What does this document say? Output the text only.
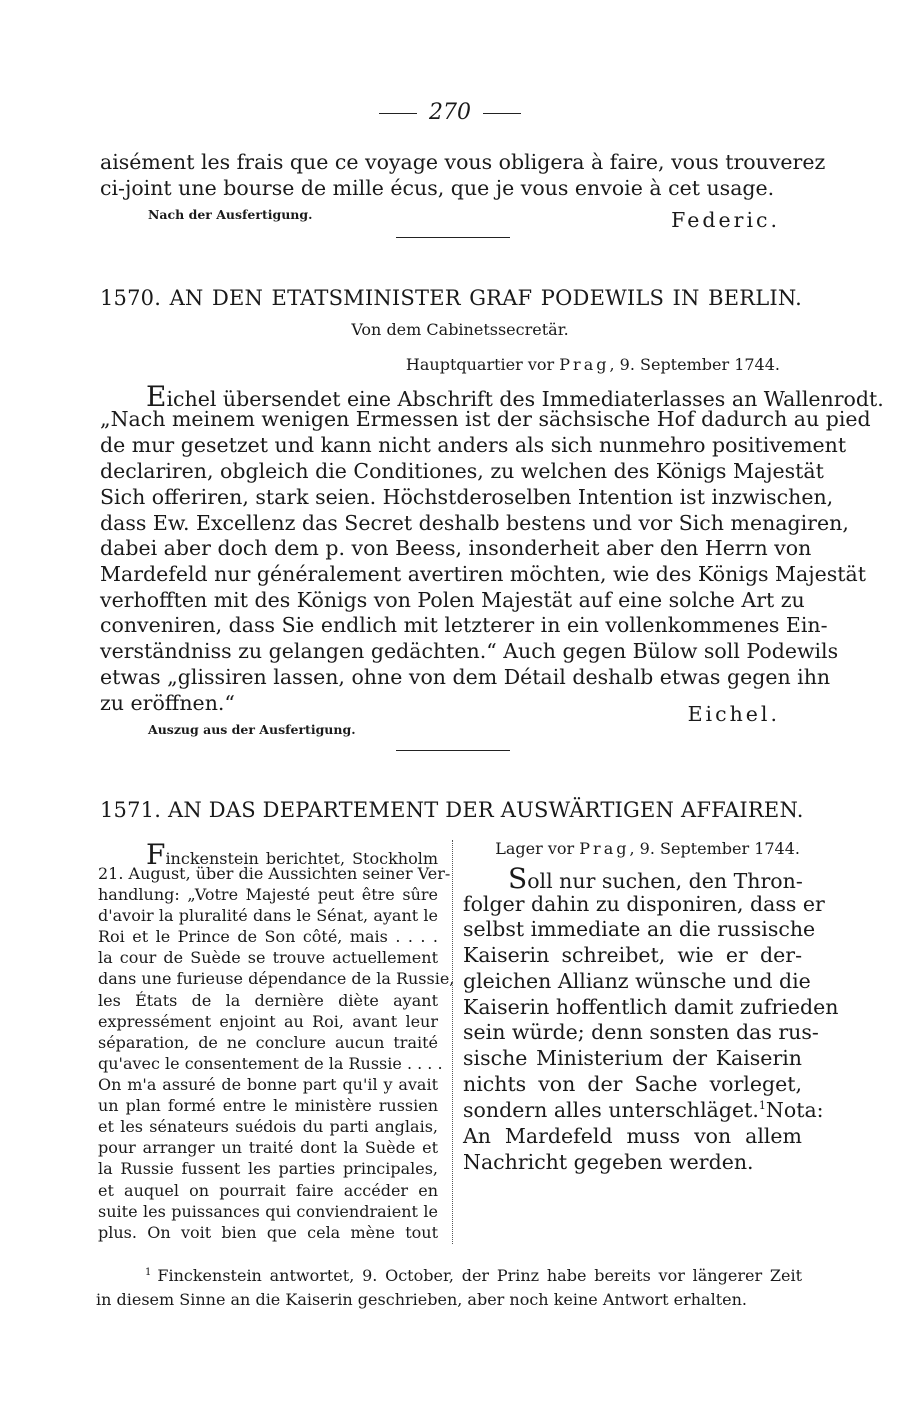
270
aisément les frais que ce voyage vous obligera à faire, vous trouverez
ci-joint une bourse de mille écus, que je vous envoie à cet usage.
Nach der Ausfertigung.	Federic.
1570. AN DEN ETATSMINISTER GRAF PODEWILS IN BERLIN.
Von dem Cabinetssecretär.
Hauptquartier vor Prag, 9. September 1744.
Eichel übersendet eine Abschrift des Immediaterlasses an Wallenrodt.
„Nach meinem wenigen Ermessen ist der sächsische Hof dadurch au pied
de mur gesetzet und kann nicht anders als sich nunmehro positivement
declariren, obgleich die Conditiones, zu welchen des Königs Majestät
Sich offeriren, stark seien. Höchstderoselben Intention ist inzwischen,
dass Ew. Excellenz das Secret deshalb bestens und vor Sich menagiren,
dabei aber doch dem p. von Beess, insonderheit aber den Herrn von
Mardefeld nur généralement avertiren möchten, wie des Königs Majestät
verhofften mit des Königs von Polen Majestät auf eine solche Art zu
conveniren, dass Sie endlich mit letzterer in ein vollenkommenes Ein-
verständniss zu gelangen gedächten.“ Auch gegen Bülow soll Podewils
etwas „glissiren lassen, ohne von dem Détail deshalb etwas gegen ihn
zu eröffnen.“	Eichel.
Auszug aus der Ausfertigung.
1571. AN DAS DEPARTEMENT DER AUSWÄRTIGEN AFFAIREN.
Finckenstein berichtet, Stockholm
21. August, über die Aussichten seiner Ver-
handlung: „Votre Majesté peut être sûre
d'avoir la pluralité dans le Sénat, ayant le
Roi et le Prince de Son côté, mais . . . .
la cour de Suède se trouve actuellement
dans une furieuse dépendance de la Russie,
les États de la dernière diète ayant
expressément enjoint au Roi, avant leur
séparation, de ne conclure aucun traité
qu'avec le consentement de la Russie . . . .
On m'a assuré de bonne part qu'il y avait
un plan formé entre le ministère russien
et les sénateurs suédois du parti anglais,
pour arranger un traité dont la Suède et
la Russie fussent les parties principales,
et auquel on pourrait faire accéder en
suite les puissances qui conviendraient le
plus. On voit bien que cela mène tout
Lager vor Prag, 9. September 1744.
Soll nur suchen, den Thron-
folger dahin zu disponiren, dass er
selbst immediate an die russische
Kaiserin schreibet, wie er der-
gleichen Allianz wünsche und die
Kaiserin hoffentlich damit zufrieden
sein würde; denn sonsten das rus-
sische Ministerium der Kaiserin
nichts von der Sache vorleget,
sondern alles unterschläget.$^1$ Nota:
An Mardefeld muss von allem
Nachricht gegeben werden.
$^1$ Finckenstein antwortet, 9. October, der Prinz habe bereits vor längerer Zeit
in diesem Sinne an die Kaiserin geschrieben, aber noch keine Antwort erhalten.
